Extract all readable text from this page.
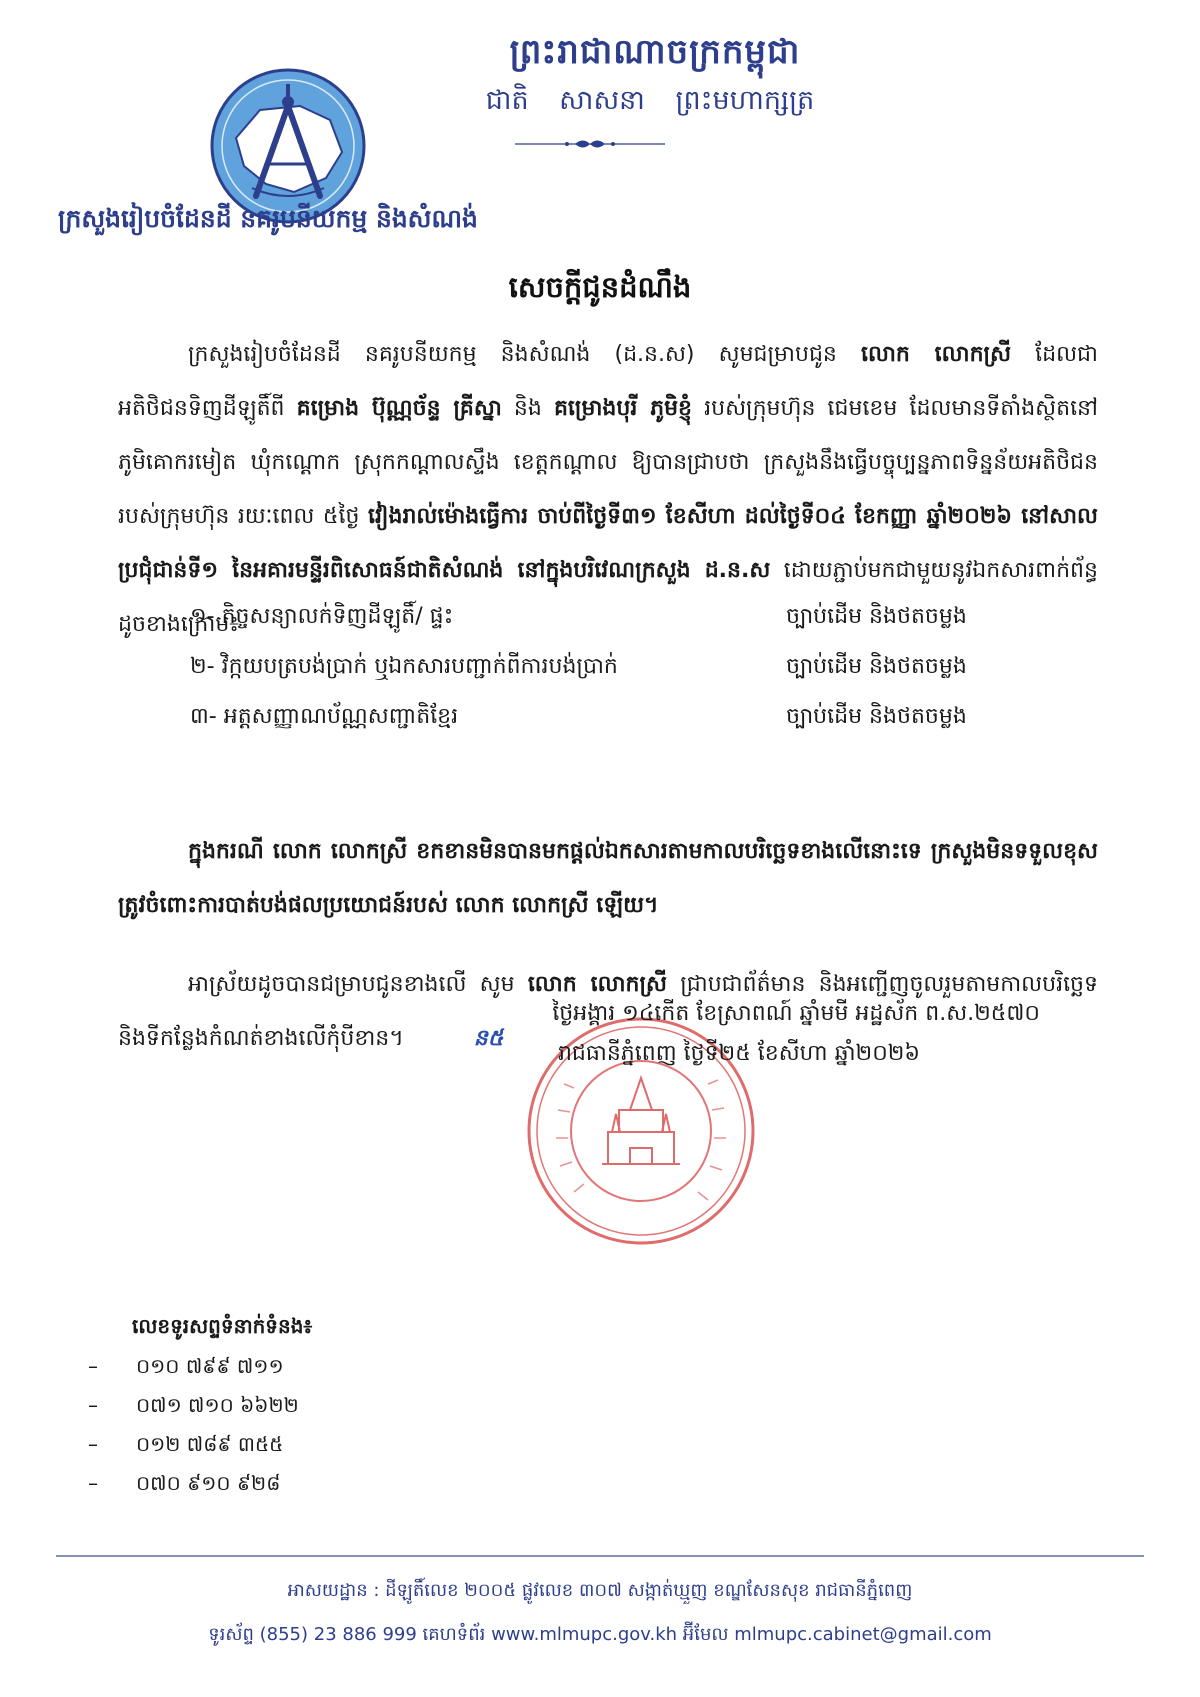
ព្រះរាជាណាចក្រកម្ពុជា
ជាតិ សាសនា ព្រះមហាក្សត្រ
ក្រសួងរៀបចំដែនដី នគរូបនីយកម្ម និងសំណង់
សេចក្ដីជូនដំណឹង
ក្រសួងរៀបចំដែនដី នគរូបនីយកម្ម និងសំណង់ (ដ.ន.ស) សូមជម្រាបជូន លោក លោកស្រី ដែលជាអតិថិជនទិញដីឡូតិ៍ពី គម្រោង ប៊ុណ្ណច័ន្ទ គ្រីស្នា និង គម្រោងបុរី ភូមិខ្ញុំ របស់ក្រុមហ៊ុន ជេមខេម ដែលមានទីតាំងស្ថិតនៅភូមិគោករមៀត ឃុំកណ្ដោក ស្រុកកណ្ដាលស្ទឹង ខេត្តកណ្ដាល ឱ្យបានជ្រាបថា ក្រសួងនឹងធ្វើបច្ចុប្បន្នភាពទិន្នន័យអតិថិជនរបស់ក្រុមហ៊ុន រយៈពេល ៥ថ្ងៃ វៀងរាល់ម៉ោងធ្វើការ ចាប់ពីថ្ងៃទី៣១ ខែសីហា ដល់ថ្ងៃទី០៤ ខែកញ្ញា ឆ្នាំ២០២៦ នៅសាលប្រជុំជាន់ទី១ នៃអគារមន្ទីរពិសោធន៍ជាតិសំណង់ នៅក្នុងបរិវេណក្រសួង ដ.ន.ស ដោយភ្ជាប់មកជាមួយនូវឯកសារពាក់ព័ន្ធដូចខាងក្រោម៖
១- កិច្ចសន្យាលក់ទិញដីឡូតិ៍/ ផ្ទះ	ច្បាប់ដើម និងថតចម្លង
២- វិក្កយបត្របង់ប្រាក់ ឬឯកសារបញ្ជាក់ពីការបង់ប្រាក់	ច្បាប់ដើម និងថតចម្លង
៣- អត្តសញ្ញាណប័ណ្ណសញ្ជាតិខ្មែរ	ច្បាប់ដើម និងថតចម្លង
ក្នុងករណី លោក លោកស្រី ខកខានមិនបានមកផ្ដល់ឯកសារតាមកាលបរិច្ឆេទខាងលើនោះទេ ក្រសួងមិនទទួលខុសត្រូវចំពោះការបាត់បង់ផលប្រយោជន៍របស់ លោក លោកស្រី ឡើយ។
អាស្រ័យដូចបានជម្រាបជូនខាងលើ សូម លោក លោកស្រី ជ្រាបជាព័ត៌មាន និងអញ្ជើញចូលរួមតាមកាលបរិច្ឆេទ និងទីកន្លែងកំណត់ខាងលើកុំបីខាន។	ន៥
ថ្ងៃអង្គារ ១៤កើត ខែស្រាពណ៍ ឆ្នាំមមី អដ្ឋស័ក ព.ស.២៥៧០
រាជធានីភ្នំពេញ ថ្ងៃទី២៥ ខែសីហា ឆ្នាំ២០២៦
លេខទូរសព្ទទំនាក់ទំនង៖
– ០១០ ៧៩៩ ៧១១
– ០៧១ ៧១០ ៦៦២២
– ០១២ ៧៨៩ ៣៥៥
– ០៧០ ៩១០ ៩២៨
អាសយដ្ឋាន : ដីឡូតិ៍លេខ ២០០៥ ផ្លូវលេខ ៣០៧ សង្កាត់ឃ្មួញ ខណ្ឌសែនសុខ រាជធានីភ្នំពេញ
ទូរស័ព្ទ (855) 23 886 999 គេហទំព័រ www.mlmupc.gov.kh អ៊ីមែល mlmupc.cabinet@gmail.com
